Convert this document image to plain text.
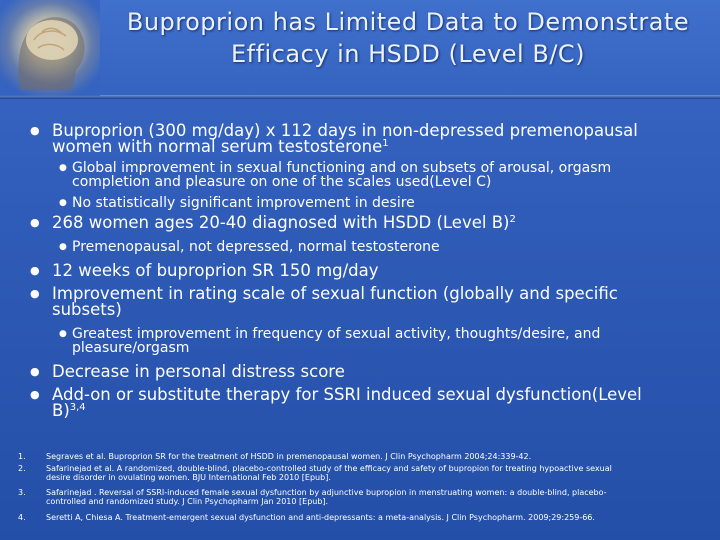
Buproprion has Limited Data to Demonstrate
Efficacy in HSDD (Level B/C)
● Buproprion (300 mg/day) x 112 days in non-depressed premenopausal
women with normal serum testosterone$^1$
● Global improvement in sexual functioning and on subsets of arousal, orgasm
completion and pleasure on one of the scales used(Level C)
● No statistically significant improvement in desire
● 268 women ages 20-40 diagnosed with HSDD (Level B)$^2$
● Premenopausal, not depressed, normal testosterone
● 12 weeks of buproprion SR 150 mg/day
● Improvement in rating scale of sexual function (globally and specific
subsets)
● Greatest improvement in frequency of sexual activity, thoughts/desire, and
pleasure/orgasm
● Decrease in personal distress score
● Add-on or substitute therapy for SSRI induced sexual dysfunction(Level
B)$^{3,4}$
1.	Segraves et al. Buproprion SR for the treatment of HSDD in premenopausal women. J Clin Psychopharm 2004;24:339-42.
2.	Safarinejad et al. A randomized, double-blind, placebo-controlled study of the efficacy and safety of bupropion for treating hypoactive sexual
desire disorder in ovulating women. BJU International Feb 2010 [Epub].
3.	Safarinejad . Reversal of SSRI-induced female sexual dysfunction by adjunctive bupropion in menstruating women: a double-blind, placebo-
controlled and randomized study. J Clin Psychopharm Jan 2010 [Epub].
4.	Seretti A, Chiesa A. Treatment-emergent sexual dysfunction and anti-depressants: a meta-analysis. J Clin Psychopharm. 2009;29:259-66.
